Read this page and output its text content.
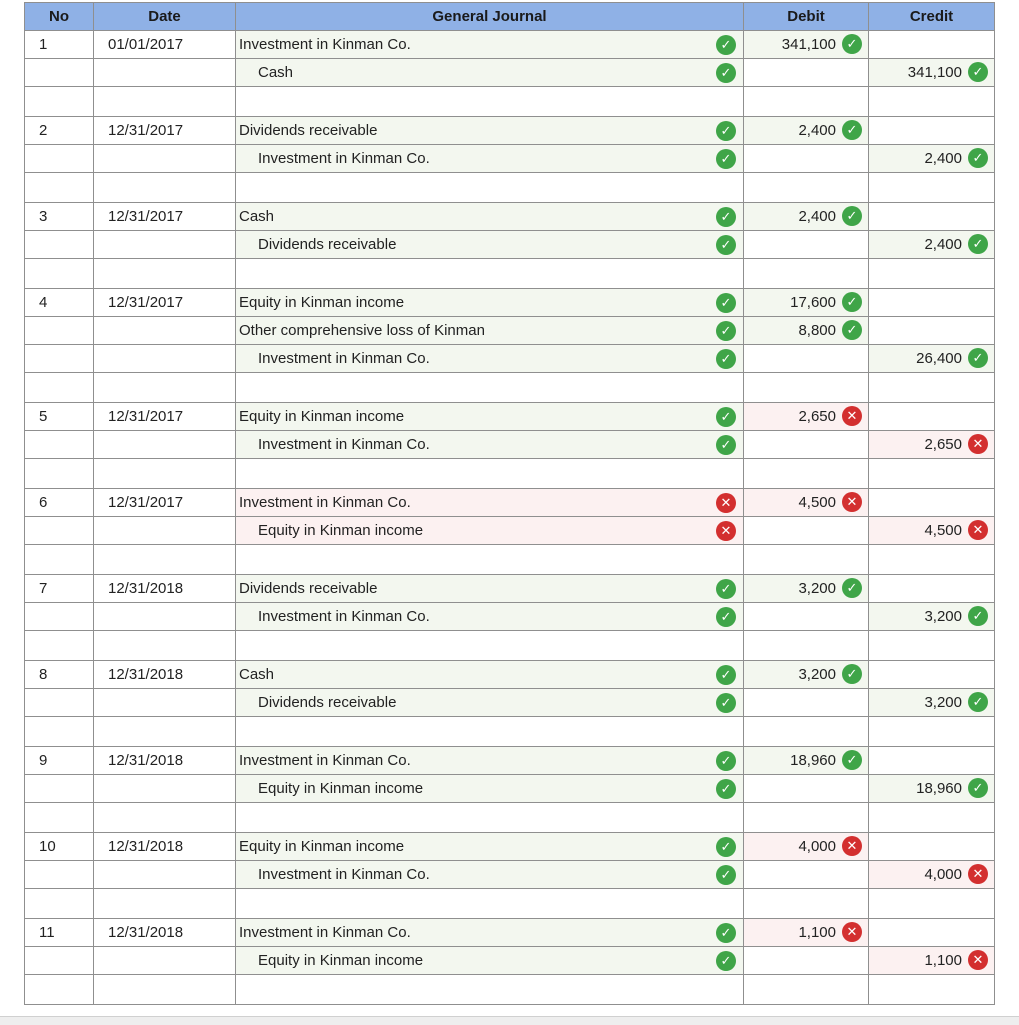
No	Date	General Journal	Debit	Credit
1	01/01/2017	Investment in Kinman Co. ✓	341,100 ✓	

		Cash ✓		341,100 ✓

2	12/31/2017	Dividends receivable ✓	2,400 ✓	

		Investment in Kinman Co. ✓		2,400 ✓

3	12/31/2017	Cash ✓	2,400 ✓	

		Dividends receivable ✓		2,400 ✓

4	12/31/2017	Equity in Kinman income ✓	17,600 ✓	

		Other comprehensive loss of Kinman ✓	8,800 ✓	

		Investment in Kinman Co. ✓		26,400 ✓

5	12/31/2017	Equity in Kinman income ✓	2,650 ✕	

		Investment in Kinman Co. ✓		2,650 ✕

6	12/31/2017	Investment in Kinman Co. ✕	4,500 ✕	

		Equity in Kinman income ✕		4,500 ✕

7	12/31/2018	Dividends receivable ✓	3,200 ✓	

		Investment in Kinman Co. ✓		3,200 ✓

8	12/31/2018	Cash ✓	3,200 ✓	

		Dividends receivable ✓		3,200 ✓

9	12/31/2018	Investment in Kinman Co. ✓	18,960 ✓	

		Equity in Kinman income ✓		18,960 ✓

10	12/31/2018	Equity in Kinman income ✓	4,000 ✕	

		Investment in Kinman Co. ✓		4,000 ✕

11	12/31/2018	Investment in Kinman Co. ✓	1,100 ✕	

		Equity in Kinman income ✓		1,100 ✕
